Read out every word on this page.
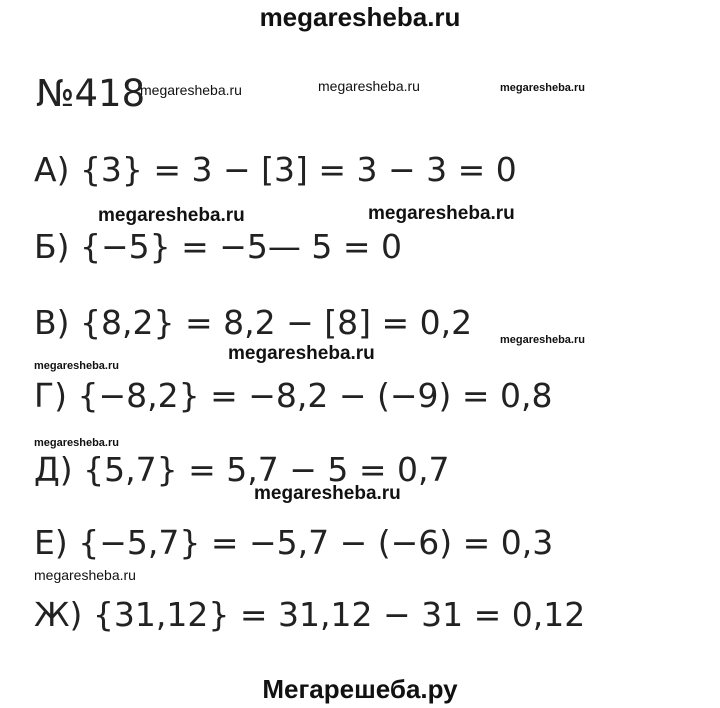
megaresheba.ru
№418
А) {3} = 3 − [3] = 3 − 3 = 0
Б) {−5} = −5— 5 = 0
В) {8,2} = 8,2 − [8] = 0,2
Г) {−8,2} = −8,2 − (−9) = 0,8
Д) {5,7} = 5,7 − 5 = 0,7
Е) {−5,7} = −5,7 − (−6) = 0,3
Ж) {31,12} = 31,12 − 31 = 0,12
megaresheba.ru	megaresheba.ru	megaresheba.ru
megaresheba.ru	megaresheba.ru
megaresheba.ru
megaresheba.ru
megaresheba.ru
megaresheba.ru
megaresheba.ru
megaresheba.ru
Мегарешеба.ру
